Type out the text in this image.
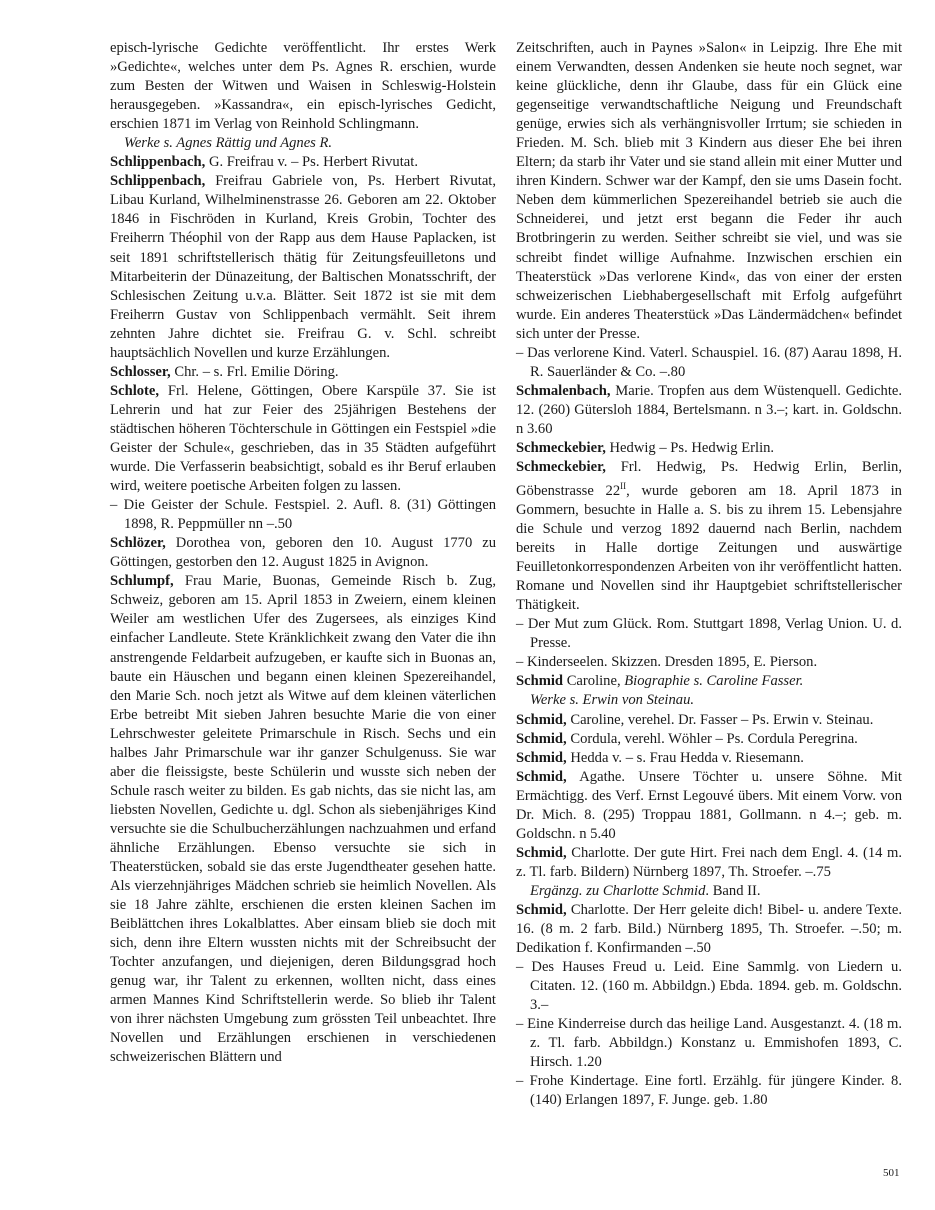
episch-lyrische Gedichte veröffentlicht. Ihr erstes Werk »Gedichte«, welches unter dem Ps. Agnes R. erschien, wurde zum Besten der Witwen und Waisen in Schleswig-Holstein herausgegeben. »Kassandra«, ein episch-lyrisches Gedicht, erschien 1871 im Verlag von Reinhold Schlingmann.

Werke s. Agnes Rättig und Agnes R.

Schlippenbach, G. Freifrau v. – Ps. Herbert Rivutat.

Schlippenbach, Freifrau Gabriele von, Ps. Herbert Rivutat, Libau Kurland, Wilhelminenstrasse 26. Geboren am 22. Oktober 1846 in Fischröden in Kurland, Kreis Grobin, Tochter des Freiherrn Théophil von der Rapp aus dem Hause Paplacken, ist seit 1891 schriftstellerisch thätig für Zeitungsfeuilletons und Mitarbeiterin der Dünazeitung, der Baltischen Monatsschrift, der Schlesischen Zeitung u.v.a. Blätter. Seit 1872 ist sie mit dem Freiherrn Gustav von Schlippenbach vermählt. Seit ihrem zehnten Jahre dichtet sie. Freifrau G. v. Schl. schreibt hauptsächlich Novellen und kurze Erzählungen.

Schlosser, Chr. – s. Frl. Emilie Döring.

Schlote, Frl. Helene, Göttingen, Obere Karspüle 37. Sie ist Lehrerin und hat zur Feier des 25jährigen Bestehens der städtischen höheren Töchterschule in Göttingen ein Festspiel »die Geister der Schule«, geschrieben, das in 35 Städten aufgeführt wurde. Die Verfasserin beabsichtigt, sobald es ihr Beruf erlauben wird, weitere poetische Arbeiten folgen zu lassen.

– Die Geister der Schule. Festspiel. 2. Aufl. 8. (31) Göttingen 1898, R. Peppmüller nn –.50

Schlözer, Dorothea von, geboren den 10. August 1770 zu Göttingen, gestorben den 12. August 1825 in Avignon.

Schlumpf, Frau Marie, Buonas, Gemeinde Risch b. Zug, Schweiz, geboren am 15. April 1853 in Zweiern, einem kleinen Weiler am westlichen Ufer des Zugersees, als einziges Kind einfacher Landleute. Stete Kränklichkeit zwang den Vater die ihn anstrengende Feldarbeit aufzugeben, er kaufte sich in Buonas an, baute ein Häuschen und begann einen kleinen Spezereihandel, den Marie Sch. noch jetzt als Witwe auf dem kleinen väterlichen Erbe betreibt Mit sieben Jahren besuchte Marie die von einer Lehrschwester geleitete Primarschule in Risch. Sechs und ein halbes Jahr Primarschule war ihr ganzer Schulgenuss. Sie war aber die fleissigste, beste Schülerin und wusste sich neben der Schule rasch weiter zu bilden. Es gab nichts, das sie nicht las, am liebsten Novellen, Gedichte u. dgl. Schon als siebenjähriges Kind versuchte sie die Schulbucherzählungen nachzuahmen und erfand ähnliche Erzählungen. Ebenso versuchte sie sich in Theaterstücken, sobald sie das erste Jugendtheater gesehen hatte. Als vierzehnjähriges Mädchen schrieb sie heimlich Novellen. Als sie 18 Jahre zählte, erschienen die ersten kleinen Sachen im Beiblättchen ihres Lokalblattes. Aber einsam blieb sie doch mit sich, denn ihre Eltern wussten nichts mit der Schreibsucht der Tochter anzufangen, und diejenigen, deren Bildungsgrad hoch genug war, ihr Talent zu erkennen, wollten nicht, dass eines armen Mannes Kind Schriftstellerin werde. So blieb ihr Talent von ihrer nächsten Umgebung zum grössten Teil unbeachtet. Ihre Novellen und Erzählungen erschienen in verschiedenen schweizerischen Blättern und

Zeitschriften, auch in Paynes »Salon« in Leipzig. Ihre Ehe mit einem Verwandten, dessen Andenken sie heute noch segnet, war keine glückliche, denn ihr Glaube, dass für ein Glück eine gegenseitige verwandtschaftliche Neigung und Freundschaft genüge, erwies sich als verhängnisvoller Irrtum; sie schieden in Frieden. M. Sch. blieb mit 3 Kindern aus dieser Ehe bei ihren Eltern; da starb ihr Vater und sie stand allein mit einer Mutter und ihren Kindern. Schwer war der Kampf, den sie ums Dasein focht. Neben dem kümmerlichen Spezereihandel betrieb sie auch die Schneiderei, und jetzt erst begann die Feder ihr auch Brotbringerin zu werden. Seither schreibt sie viel, und was sie schreibt findet willige Aufnahme. Inzwischen erschien ein Theaterstück »Das verlorene Kind«, das von einer der ersten schweizerischen Liebhabergesellschaft mit Erfolg aufgeführt wurde. Ein anderes Theaterstück »Das Ländermädchen« befindet sich unter der Presse.

– Das verlorene Kind. Vaterl. Schauspiel. 16. (87) Aarau 1898, H. R. Sauerländer & Co. –.80

Schmalenbach, Marie. Tropfen aus dem Wüstenquell. Gedichte. 12. (260) Gütersloh 1884, Bertelsmann. n 3.–; kart. in. Goldschn. n 3.60

Schmeckebier, Hedwig – Ps. Hedwig Erlin.

Schmeckebier, Frl. Hedwig, Ps. Hedwig Erlin, Berlin, Göbenstrasse $22^{II}$, wurde geboren am 18. April 1873 in Gommern, besuchte in Halle a. S. bis zu ihrem 15. Lebensjahre die Schule und verzog 1892 dauernd nach Berlin, nachdem bereits in Halle dortige Zeitungen und auswärtige Feuilletonkorrespondenzen Arbeiten von ihr veröffentlicht hatten. Romane und Novellen sind ihr Hauptgebiet schriftstellerischer Thätigkeit.

– Der Mut zum Glück. Rom. Stuttgart 1898, Verlag Union. U. d. Presse.

– Kinderseelen. Skizzen. Dresden 1895, E. Pierson.

Schmid Caroline, Biographie s. Caroline Fasser.

Werke s. Erwin von Steinau.

Schmid, Caroline, verehel. Dr. Fasser – Ps. Erwin v. Steinau.

Schmid, Cordula, verehl. Wöhler – Ps. Cordula Peregrina.

Schmid, Hedda v. – s. Frau Hedda v. Riesemann.

Schmid, Agathe. Unsere Töchter u. unsere Söhne. Mit Ermächtigg. des Verf. Ernst Legouvé übers. Mit einem Vorw. von Dr. Mich. 8. (295) Troppau 1881, Gollmann. n 4.–; geb. m. Goldschn. n 5.40

Schmid, Charlotte. Der gute Hirt. Frei nach dem Engl. 4. (14 m. z. Tl. farb. Bildern) Nürnberg 1897, Th. Stroefer. –.75

Ergänzg. zu Charlotte Schmid. Band II.

Schmid, Charlotte. Der Herr geleite dich! Bibel- u. andere Texte. 16. (8 m. 2 farb. Bild.) Nürnberg 1895, Th. Stroefer. –.50; m. Dedikation f. Konfirmanden –.50

– Des Hauses Freud u. Leid. Eine Sammlg. von Liedern u. Citaten. 12. (160 m. Abbildgn.) Ebda. 1894. geb. m. Goldschn. 3.–

– Eine Kinderreise durch das heilige Land. Ausgestanzt. 4. (18 m. z. Tl. farb. Abbildgn.) Konstanz u. Emmishofen 1893, C. Hirsch. 1.20

– Frohe Kindertage. Eine fortl. Erzählg. für jüngere Kinder. 8. (140) Erlangen 1897, F. Junge. geb. 1.80

501
